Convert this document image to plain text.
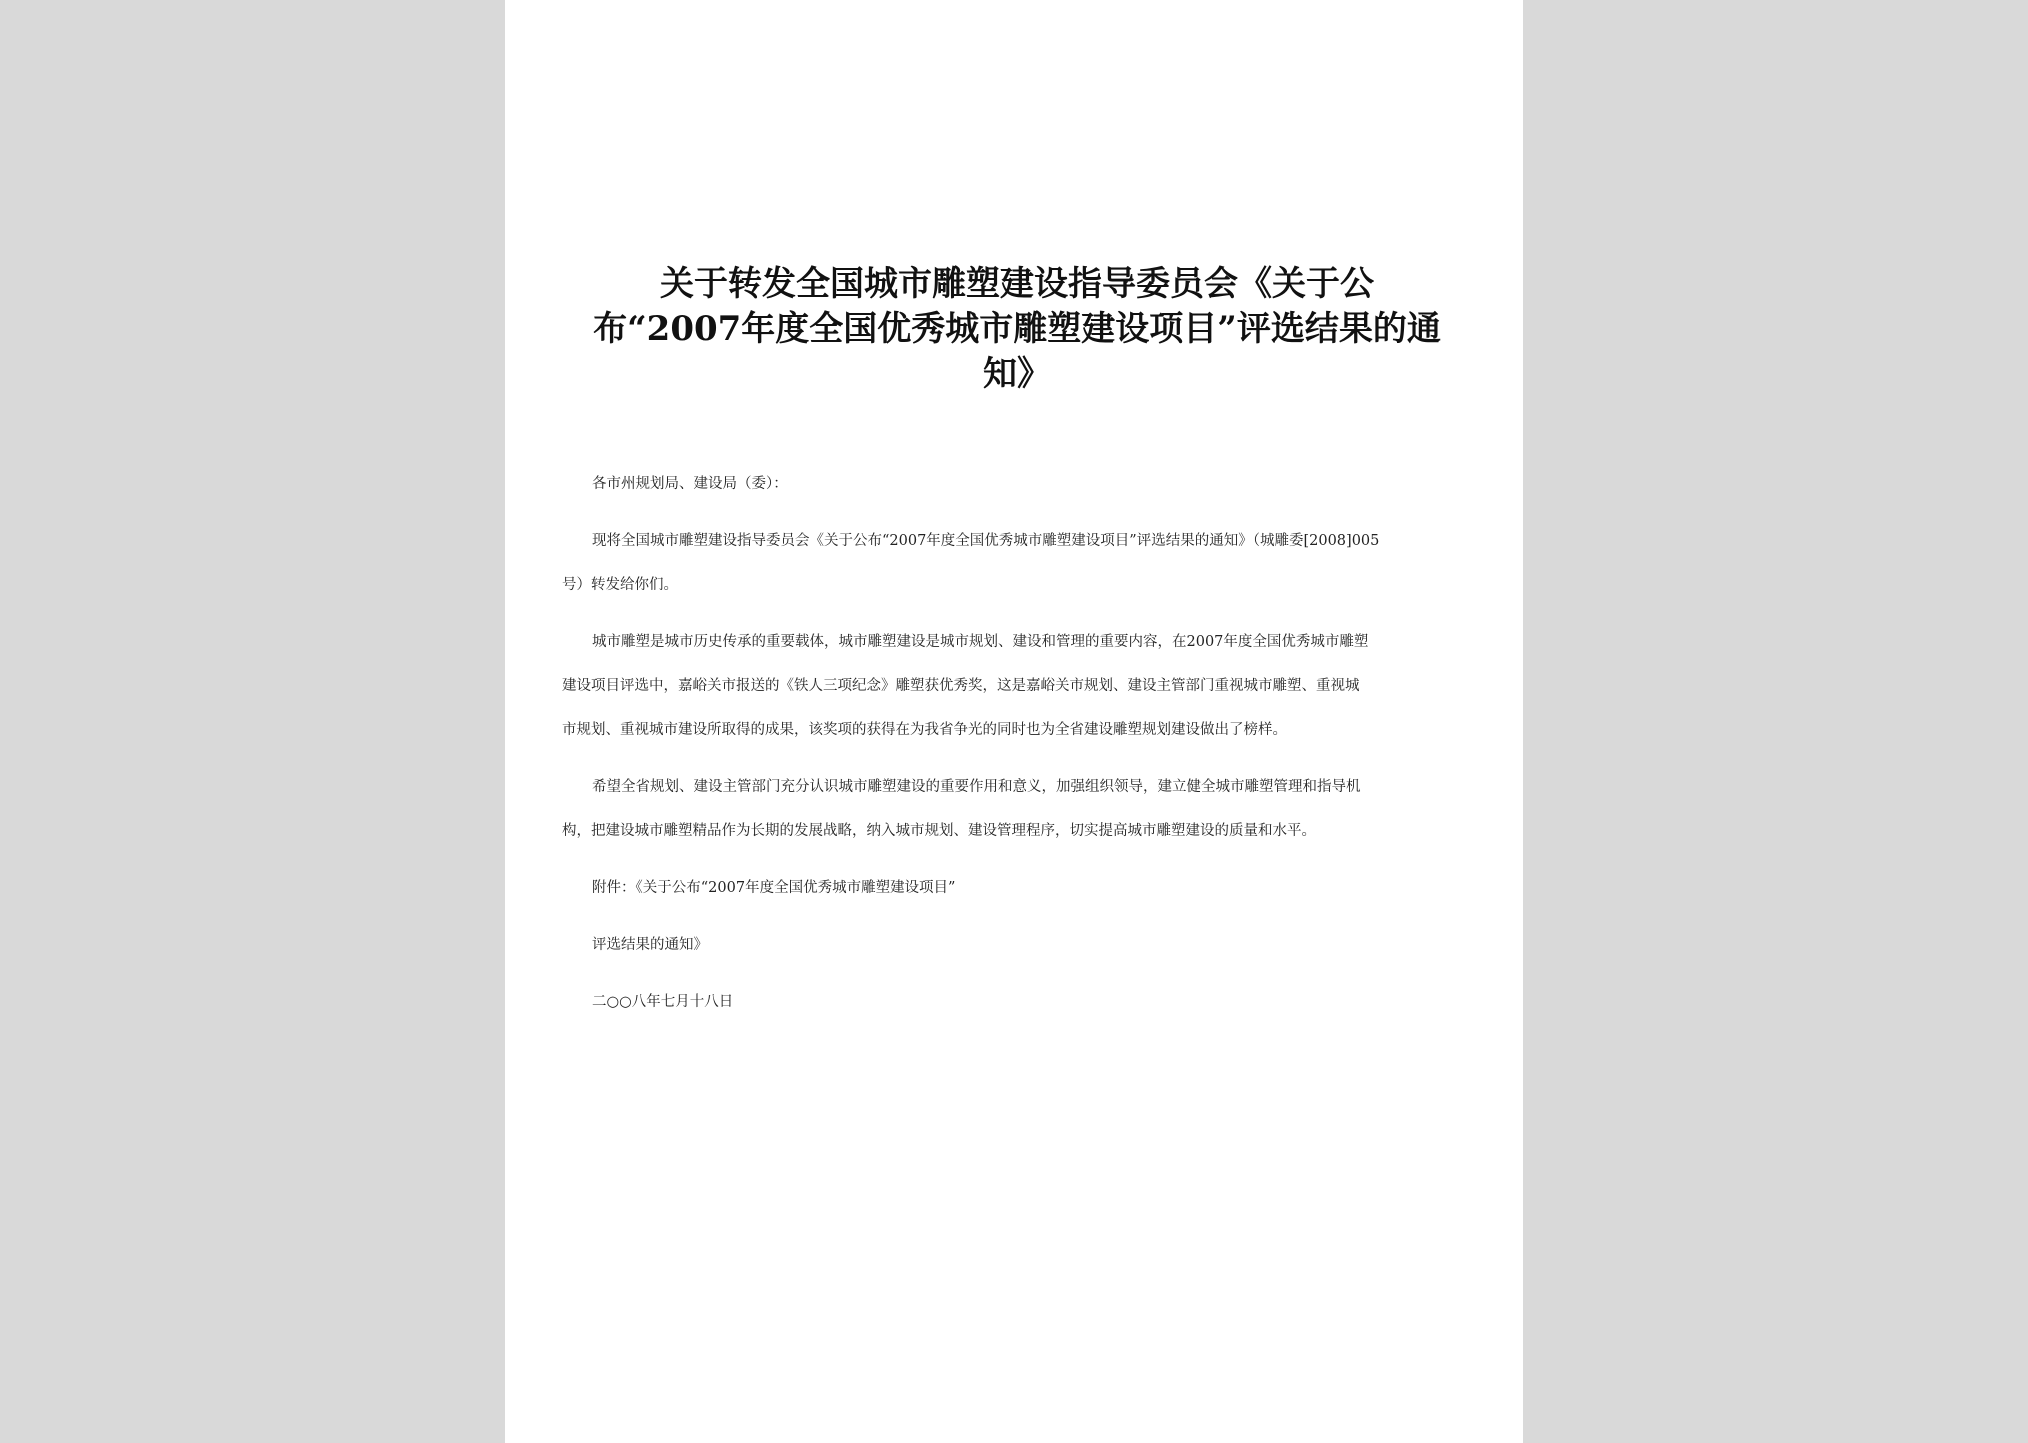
关于转发全国城市雕塑建设指导委员会《关于公
布“2007年度全国优秀城市雕塑建设项目”评选结果的通
知》

各市州规划局、建设局（委）：

现将全国城市雕塑建设指导委员会《关于公布“2007年度全国优秀城市雕塑建设项目”评选结果的通知》（城雕委[2008]005

号）转发给你们。

城市雕塑是城市历史传承的重要载体，城市雕塑建设是城市规划、建设和管理的重要内容，在2007年度全国优秀城市雕塑

建设项目评选中，嘉峪关市报送的《铁人三项纪念》雕塑获优秀奖，这是嘉峪关市规划、建设主管部门重视城市雕塑、重视城

市规划、重视城市建设所取得的成果，该奖项的获得在为我省争光的同时也为全省建设雕塑规划建设做出了榜样。

希望全省规划、建设主管部门充分认识城市雕塑建设的重要作用和意义，加强组织领导，建立健全城市雕塑管理和指导机

构，把建设城市雕塑精品作为长期的发展战略，纳入城市规划、建设管理程序，切实提高城市雕塑建设的质量和水平。

附件：《关于公布“2007年度全国优秀城市雕塑建设项目”

评选结果的通知》

二○○八年七月十八日
